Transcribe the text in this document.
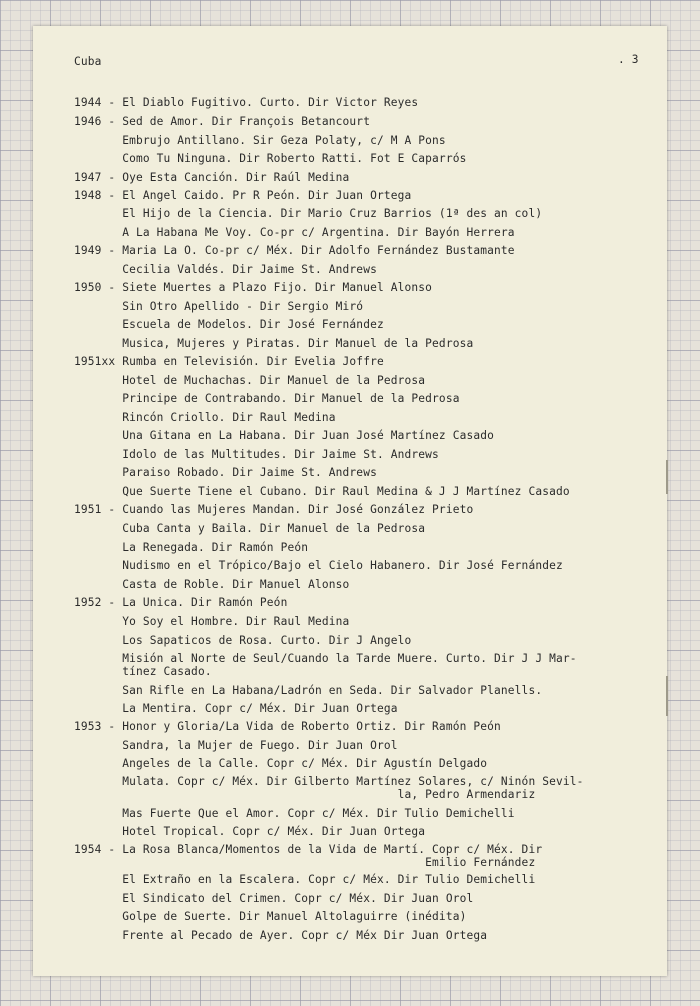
Cuba	. 3
1944 - El Diablo Fugitivo. Curto. Dir Victor Reyes
1946 - Sed de Amor. Dir François Betancourt
Embrujo Antillano. Sir Geza Polaty, c/ M A Pons
Como Tu Ninguna. Dir Roberto Ratti. Fot E Caparrós
1947 - Oye Esta Canción. Dir Raúl Medina
1948 - El Angel Caido. Pr R Peón. Dir Juan Ortega
El Hijo de la Ciencia. Dir Mario Cruz Barrios (1ª des an col)
A La Habana Me Voy. Co-pr c/ Argentina. Dir Bayón Herrera
1949 - Maria La O. Co-pr c/ Méx. Dir Adolfo Fernández Bustamante
Cecilia Valdés. Dir Jaime St. Andrews
1950 - Siete Muertes a Plazo Fijo. Dir Manuel Alonso
Sin Otro Apellido - Dir Sergio Miró
Escuela de Modelos. Dir José Fernández
Musica, Mujeres y Piratas. Dir Manuel de la Pedrosa
1951xx Rumba en Televisión. Dir Evelia Joffre
Hotel de Muchachas. Dir Manuel de la Pedrosa
Principe de Contrabando. Dir Manuel de la Pedrosa
Rincón Criollo. Dir Raul Medina
Una Gitana en La Habana. Dir Juan José Martínez Casado
Idolo de las Multitudes. Dir Jaime St. Andrews
Paraiso Robado. Dir Jaime St. Andrews
Que Suerte Tiene el Cubano. Dir Raul Medina & J J Martínez Casado
1951 - Cuando las Mujeres Mandan. Dir José González Prieto
Cuba Canta y Baila. Dir Manuel de la Pedrosa
La Renegada. Dir Ramón Peón
Nudismo en el Trópico/Bajo el Cielo Habanero. Dir José Fernández
Casta de Roble. Dir Manuel Alonso
1952 - La Unica. Dir Ramón Peón
Yo Soy el Hombre. Dir Raul Medina
Los Sapaticos de Rosa. Curto. Dir J Angelo
Misión al Norte de Seul/Cuando la Tarde Muere. Curto. Dir J J Mar-
tínez Casado.
San Rifle en La Habana/Ladrón en Seda. Dir Salvador Planells.
La Mentira. Copr c/ Méx. Dir Juan Ortega
1953 - Honor y Gloria/La Vida de Roberto Ortiz. Dir Ramón Peón
Sandra, la Mujer de Fuego. Dir Juan Orol
Angeles de la Calle. Copr c/ Méx. Dir Agustín Delgado
Mulata. Copr c/ Méx. Dir Gilberto Martínez Solares, c/ Ninón Sevil-
la, Pedro Armendariz
Mas Fuerte Que el Amor. Copr c/ Méx. Dir Tulio Demichelli
Hotel Tropical. Copr c/ Méx. Dir Juan Ortega
1954 - La Rosa Blanca/Momentos de la Vida de Martí. Copr c/ Méx. Dir
Emilio Fernández
El Extraño en la Escalera. Copr c/ Méx. Dir Tulio Demichelli
El Sindicato del Crimen. Copr c/ Méx. Dir Juan Orol
Golpe de Suerte. Dir Manuel Altolaguirre (inédita)
Frente al Pecado de Ayer. Copr c/ Méx Dir Juan Ortega
